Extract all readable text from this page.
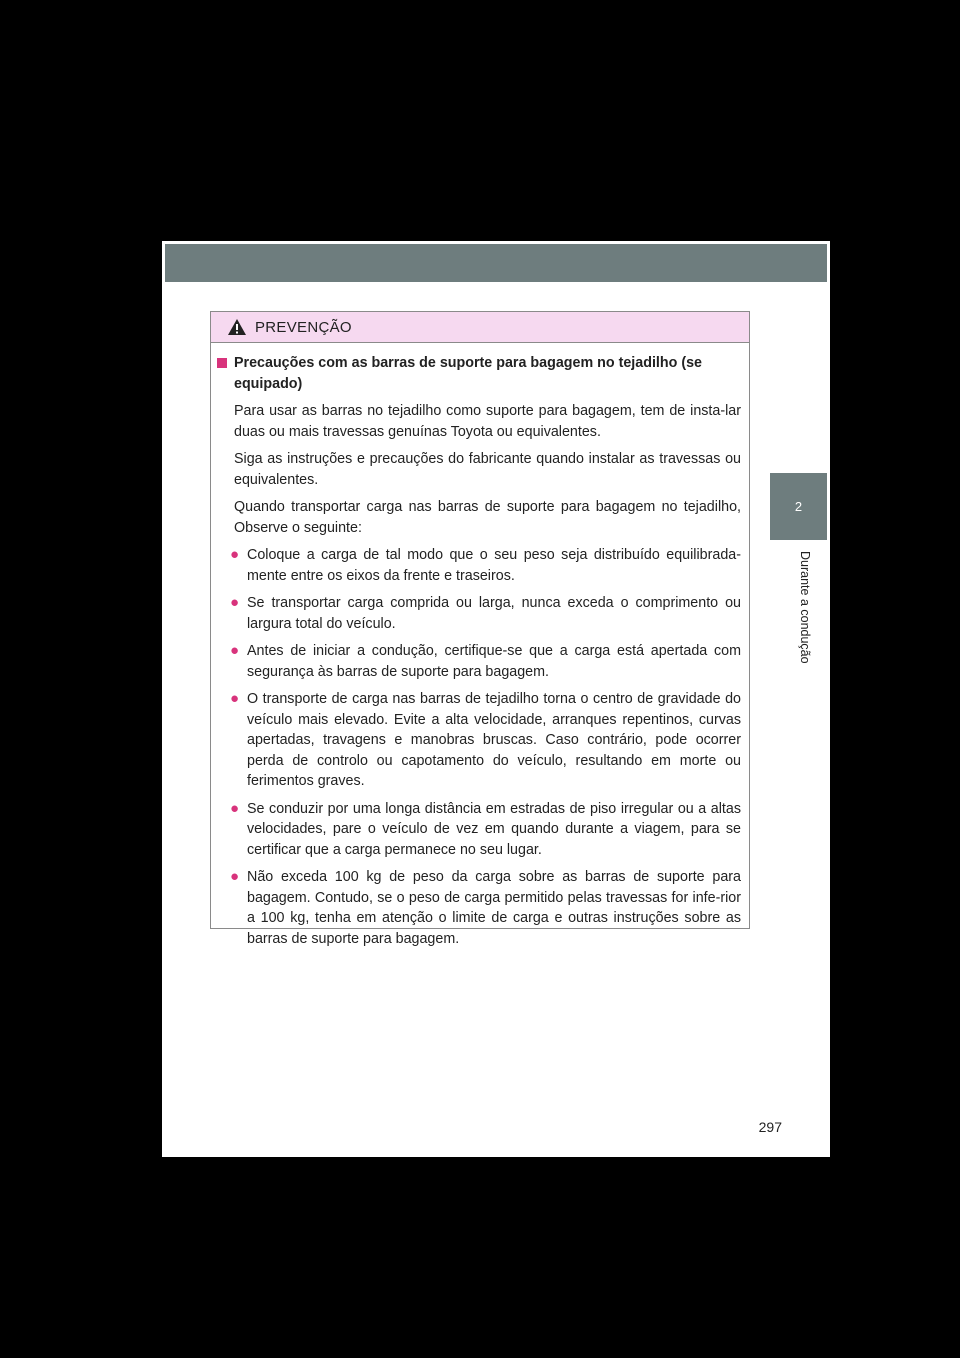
PREVENÇÃO
Precauções com as barras de suporte para bagagem no tejadilho (se equipado)
Para usar as barras no tejadilho como suporte para bagagem, tem de insta-lar duas ou mais travessas genuínas Toyota ou equivalentes.
Siga as instruções e precauções do fabricante quando instalar as travessas ou equivalentes.
Quando transportar carga nas barras de suporte para bagagem no tejadilho, Observe o seguinte:
● Coloque a carga de tal modo que o seu peso seja distribuído equilibrada-mente entre os eixos da frente e traseiros.
● Se transportar carga comprida ou larga, nunca exceda o comprimento ou largura total do veículo.
● Antes de iniciar a condução, certifique-se que a carga está apertada com segurança às barras de suporte para bagagem.
● O transporte de carga nas barras de tejadilho torna o centro de gravidade do veículo mais elevado. Evite a alta velocidade, arranques repentinos, curvas apertadas, travagens e manobras bruscas. Caso contrário, pode ocorrer perda de controlo ou capotamento do veículo, resultando em morte ou ferimentos graves.
● Se conduzir por uma longa distância em estradas de piso irregular ou a altas velocidades, pare o veículo de vez em quando durante a viagem, para se certificar que a carga permanece no seu lugar.
● Não exceda 100 kg de peso da carga sobre as barras de suporte para bagagem. Contudo, se o peso de carga permitido pelas travessas for infe-rior a 100 kg, tenha em atenção o limite de carga e outras instruções sobre as barras de suporte para bagagem.
2
Durante a condução
297
